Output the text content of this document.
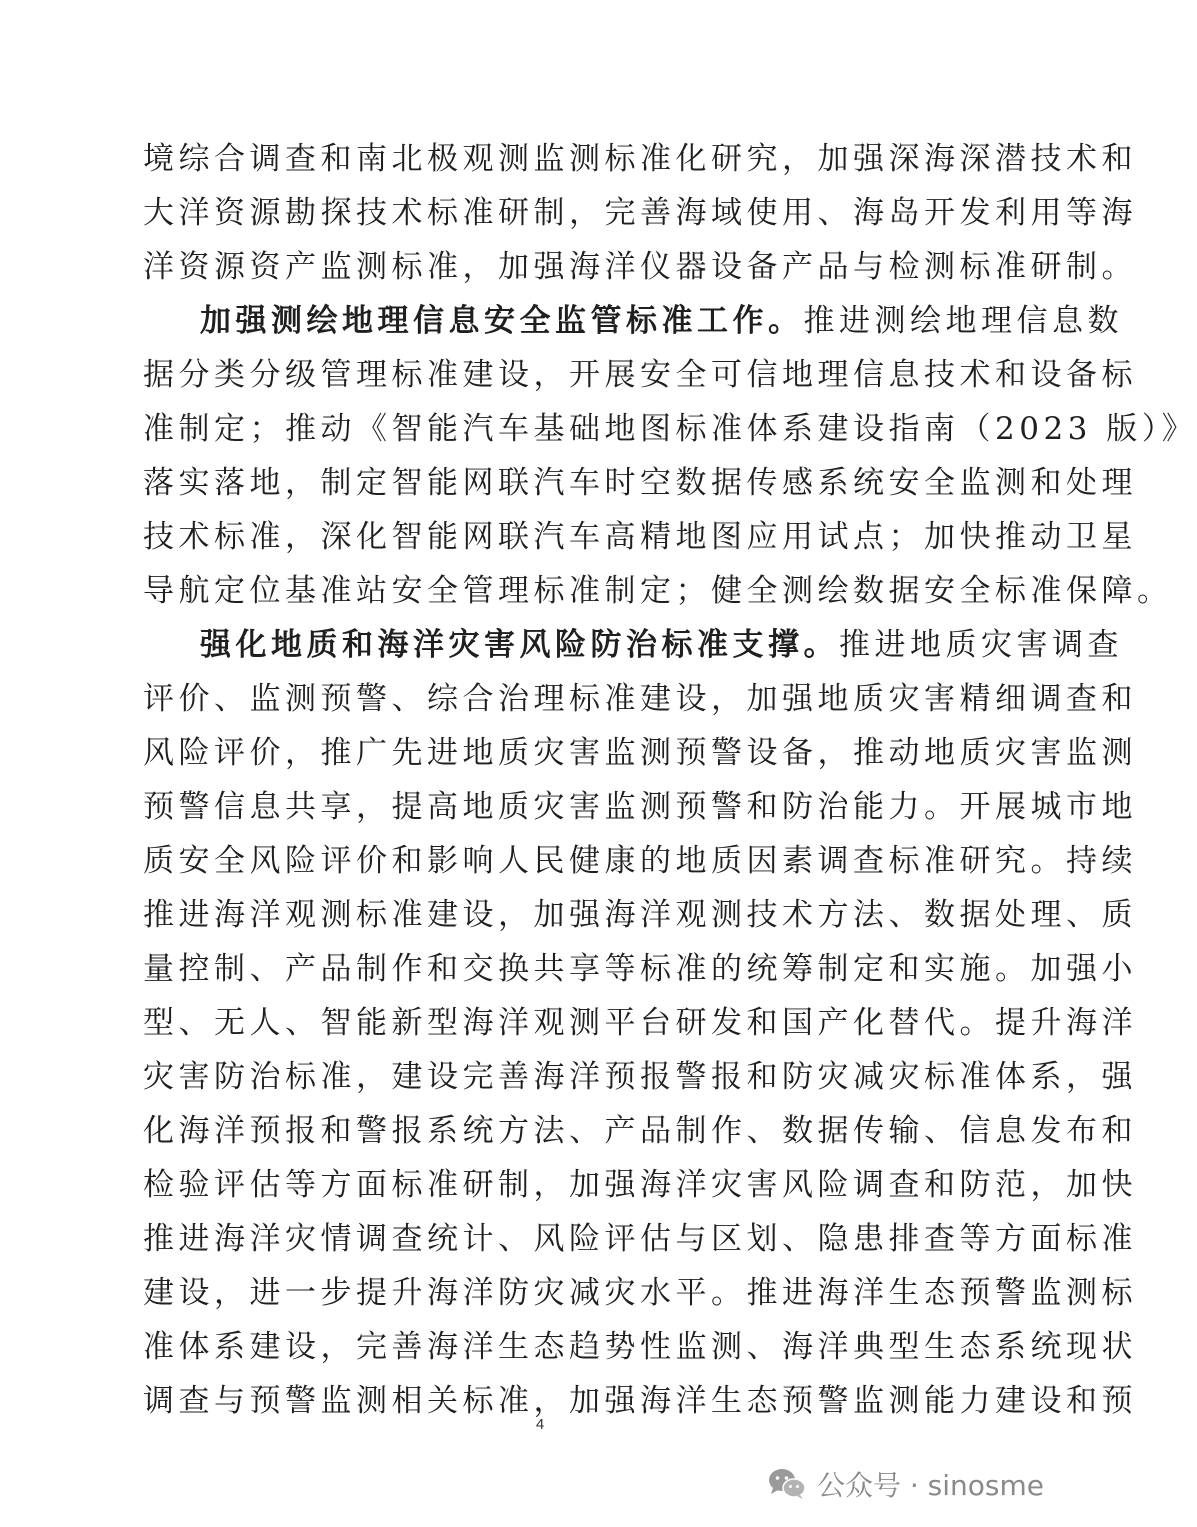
境综合调查和南北极观测监测标准化研究，加强深海深潜技术和
大洋资源勘探技术标准研制，完善海域使用、海岛开发利用等海
洋资源资产监测标准，加强海洋仪器设备产品与检测标准研制。
加强测绘地理信息安全监管标准工作。推进测绘地理信息数
据分类分级管理标准建设，开展安全可信地理信息技术和设备标
准制定；推动《智能汽车基础地图标准体系建设指南（2023 版）》
落实落地，制定智能网联汽车时空数据传感系统安全监测和处理
技术标准，深化智能网联汽车高精地图应用试点；加快推动卫星
导航定位基准站安全管理标准制定；健全测绘数据安全标准保障。
强化地质和海洋灾害风险防治标准支撑。推进地质灾害调查
评价、监测预警、综合治理标准建设，加强地质灾害精细调查和
风险评价，推广先进地质灾害监测预警设备，推动地质灾害监测
预警信息共享，提高地质灾害监测预警和防治能力。开展城市地
质安全风险评价和影响人民健康的地质因素调查标准研究。持续
推进海洋观测标准建设，加强海洋观测技术方法、数据处理、质
量控制、产品制作和交换共享等标准的统筹制定和实施。加强小
型、无人、智能新型海洋观测平台研发和国产化替代。提升海洋
灾害防治标准，建设完善海洋预报警报和防灾减灾标准体系，强
化海洋预报和警报系统方法、产品制作、数据传输、信息发布和
检验评估等方面标准研制，加强海洋灾害风险调查和防范，加快
推进海洋灾情调查统计、风险评估与区划、隐患排查等方面标准
建设，进一步提升海洋防灾减灾水平。推进海洋生态预警监测标
准体系建设，完善海洋生态趋势性监测、海洋典型生态系统现状
调查与预警监测相关标准，加强海洋生态预警监测能力建设和预
4
公众号 · sinosme
